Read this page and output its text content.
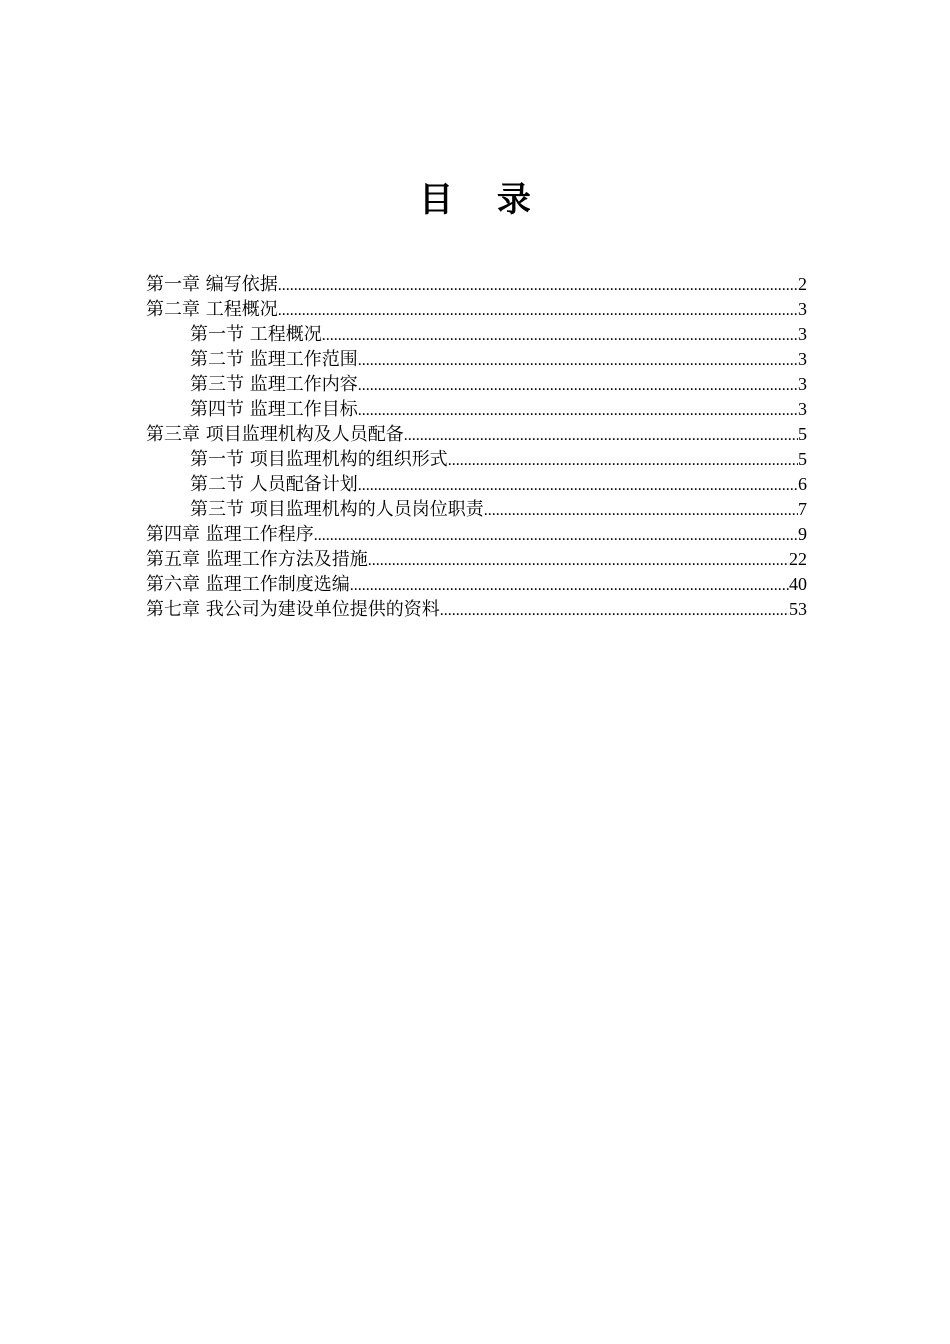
目 录
第一章 编写依据 .....	2
第二章 工程概况 .....	3
第一节 工程概况 .....	3
第二节 监理工作范围 .....	3
第三节 监理工作内容 .....	3
第四节 监理工作目标 .....	3
第三章 项目监理机构及人员配备 .....	5
第一节 项目监理机构的组织形式 .....	5
第二节 人员配备计划 .....	6
第三节 项目监理机构的人员岗位职责 .....	7
第四章 监理工作程序 .....	9
第五章 监理工作方法及措施 .....	22
第六章 监理工作制度选编 .....	40
第七章 我公司为建设单位提供的资料 .....	53
